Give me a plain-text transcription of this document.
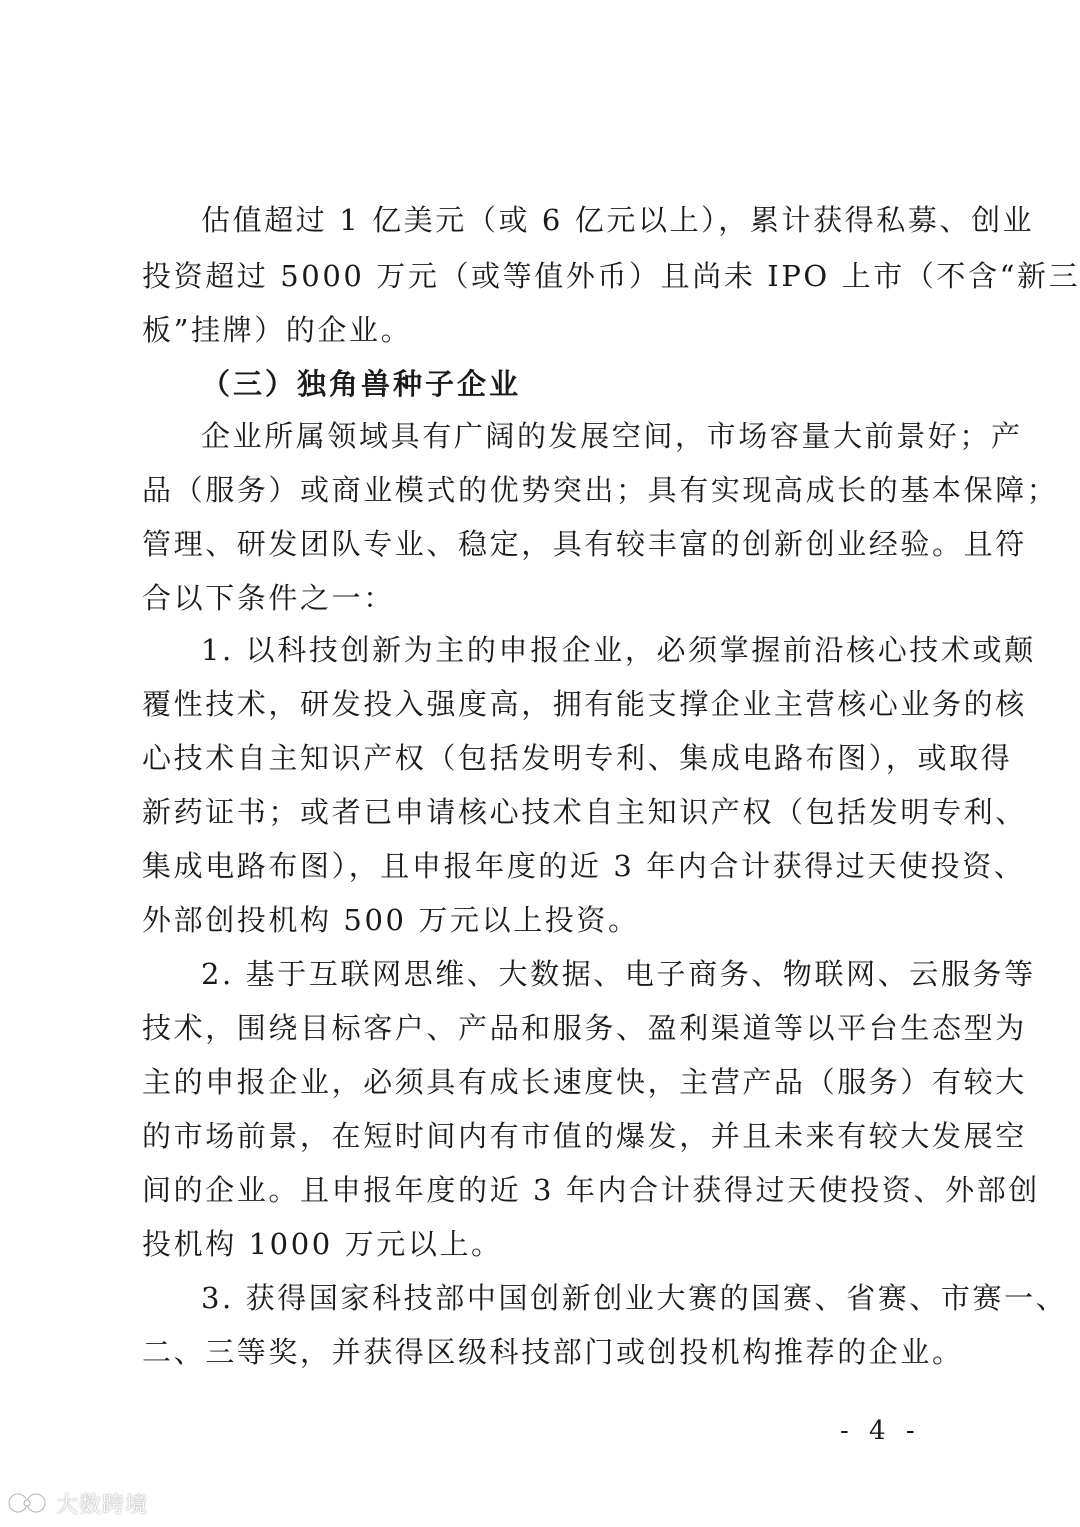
估值超过 1 亿美元（或 6 亿元以上），累计获得私募、创业
投资超过 5000 万元（或等值外币）且尚未 IPO 上市（不含“新三
板”挂牌）的企业。
（三）独角兽种子企业
企业所属领域具有广阔的发展空间，市场容量大前景好；产
品（服务）或商业模式的优势突出；具有实现高成长的基本保障；
管理、研发团队专业、稳定，具有较丰富的创新创业经验。且符
合以下条件之一：
1. 以科技创新为主的申报企业，必须掌握前沿核心技术或颠
覆性技术，研发投入强度高，拥有能支撑企业主营核心业务的核
心技术自主知识产权（包括发明专利、集成电路布图），或取得
新药证书；或者已申请核心技术自主知识产权（包括发明专利、
集成电路布图），且申报年度的近 3 年内合计获得过天使投资、
外部创投机构 500 万元以上投资。
2. 基于互联网思维、大数据、电子商务、物联网、云服务等
技术，围绕目标客户、产品和服务、盈利渠道等以平台生态型为
主的申报企业，必须具有成长速度快，主营产品（服务）有较大
的市场前景，在短时间内有市值的爆发，并且未来有较大发展空
间的企业。且申报年度的近 3 年内合计获得过天使投资、外部创
投机构 1000 万元以上。
3. 获得国家科技部中国创新创业大赛的国赛、省赛、市赛一、
二、三等奖，并获得区级科技部门或创投机构推荐的企业。
- 4 -
大数跨境
